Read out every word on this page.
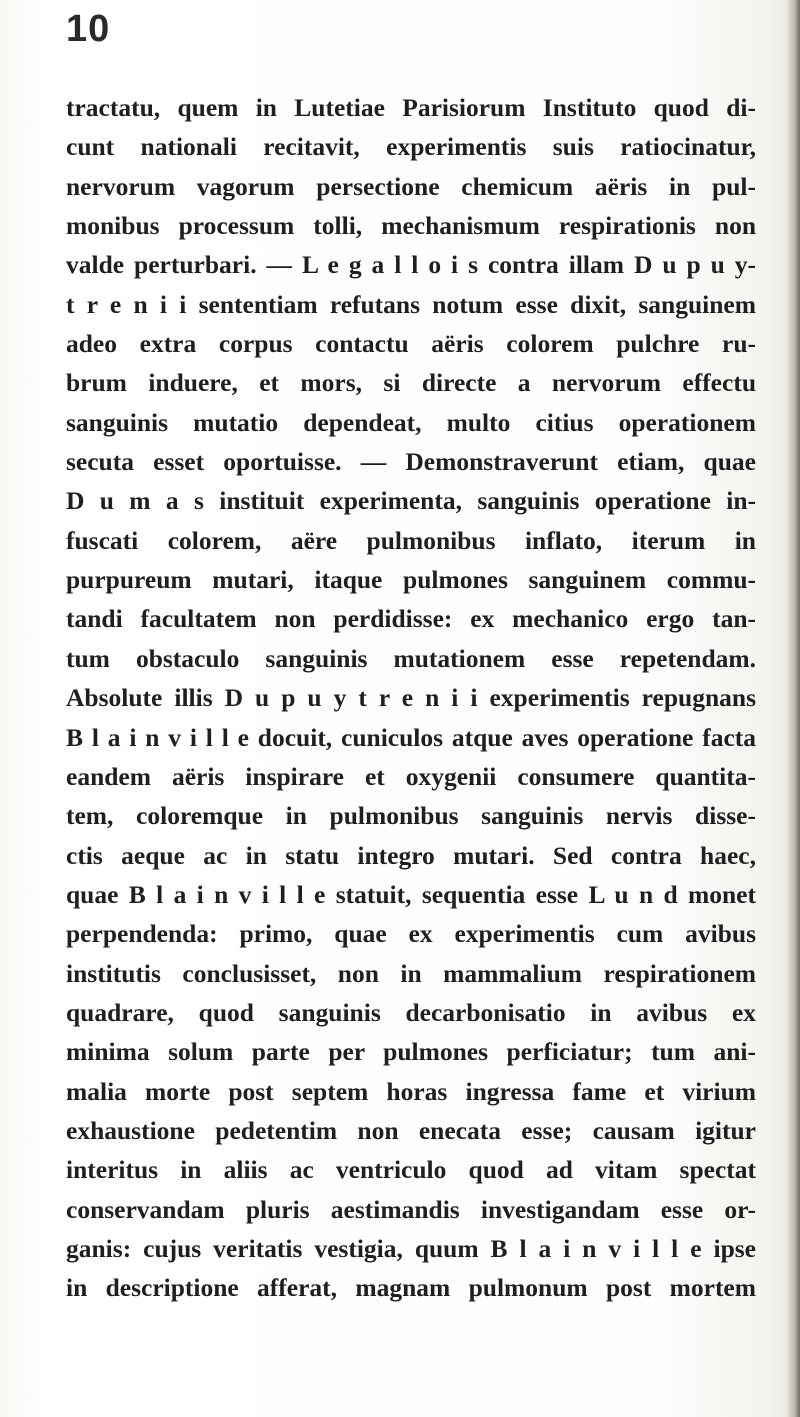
10
tractatu, quem in Lutetiae Parisiorum Instituto quod di-
cunt nationali recitavit, experimentis suis ratiocinatur,
nervorum vagorum persectione chemicum aëris in pul-
monibus processum tolli, mechanismum respirationis non
valde perturbari. — L e g a l l o i s contra illam D u p u y-
t r e n i i sententiam refutans notum esse dixit, sanguinem
adeo extra corpus contactu aëris colorem pulchre ru-
brum induere, et mors, si directe a nervorum effectu
sanguinis mutatio dependeat, multo citius operationem
secuta esset oportuisse. — Demonstraverunt etiam, quae
D u m a s instituit experimenta, sanguinis operatione in-
fuscati colorem, aëre pulmonibus inflato, iterum in
purpureum mutari, itaque pulmones sanguinem commu-
tandi facultatem non perdidisse: ex mechanico ergo tan-
tum obstaculo sanguinis mutationem esse repetendam.
Absolute illis D u p u y t r e n i i experimentis repugnans
B l a i n v i l l e docuit, cuniculos atque aves operatione facta
eandem aëris inspirare et oxygenii consumere quantita-
tem, coloremque in pulmonibus sanguinis nervis disse-
ctis aeque ac in statu integro mutari. Sed contra haec,
quae B l a i n v i l l e statuit, sequentia esse L u n d monet
perpendenda: primo, quae ex experimentis cum avibus
institutis conclusisset, non in mammalium respirationem
quadrare, quod sanguinis decarbonisatio in avibus ex
minima solum parte per pulmones perficiatur; tum ani-
malia morte post septem horas ingressa fame et virium
exhaustione pedetentim non enecata esse; causam igitur
interitus in aliis ac ventriculo quod ad vitam spectat
conservandam pluris aestimandis investigandam esse or-
ganis: cujus veritatis vestigia, quum B l a i n v i l l e ipse
in descriptione afferat, magnam pulmonum post mortem
